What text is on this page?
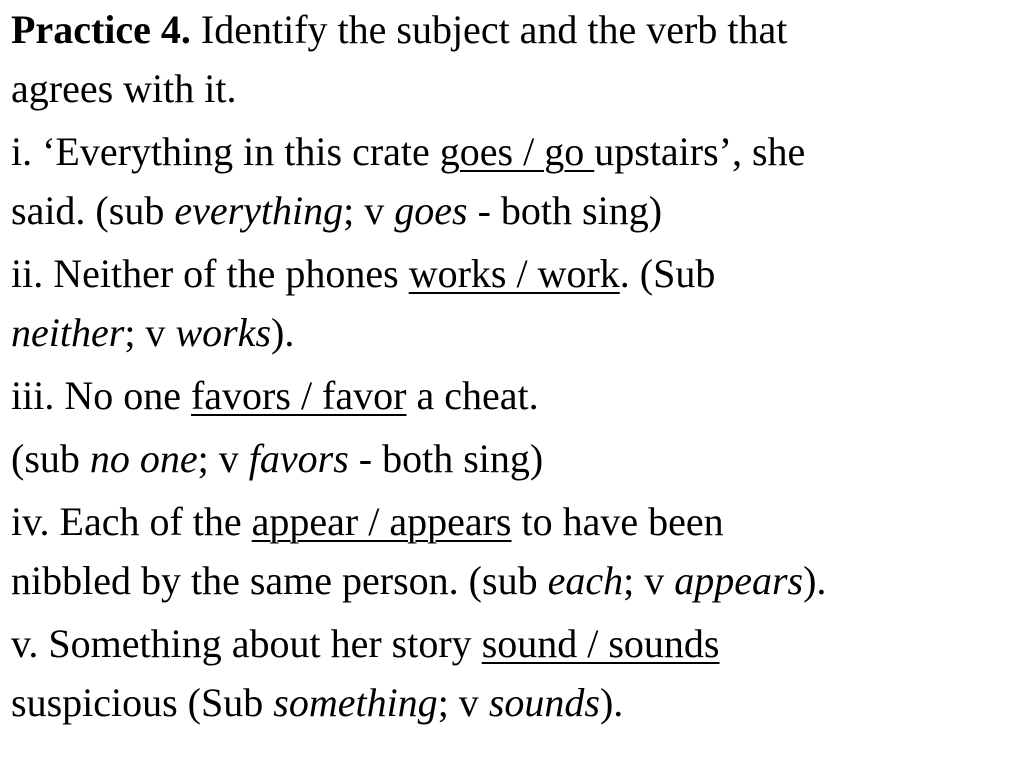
Practice 4. Identify the subject and the verb that
agrees with it.

i. ‘Everything in this crate goes / go upstairs’, she
said. (sub everything; v goes - both sing)

ii. Neither of the phones works / work. (Sub
neither; v works).

iii. No one favors / favor a cheat.

(sub no one; v favors - both sing)

iv. Each of the appear / appears to have been
nibbled by the same person. (sub each; v appears).

v. Something about her story sound / sounds
suspicious (Sub something; v sounds).
